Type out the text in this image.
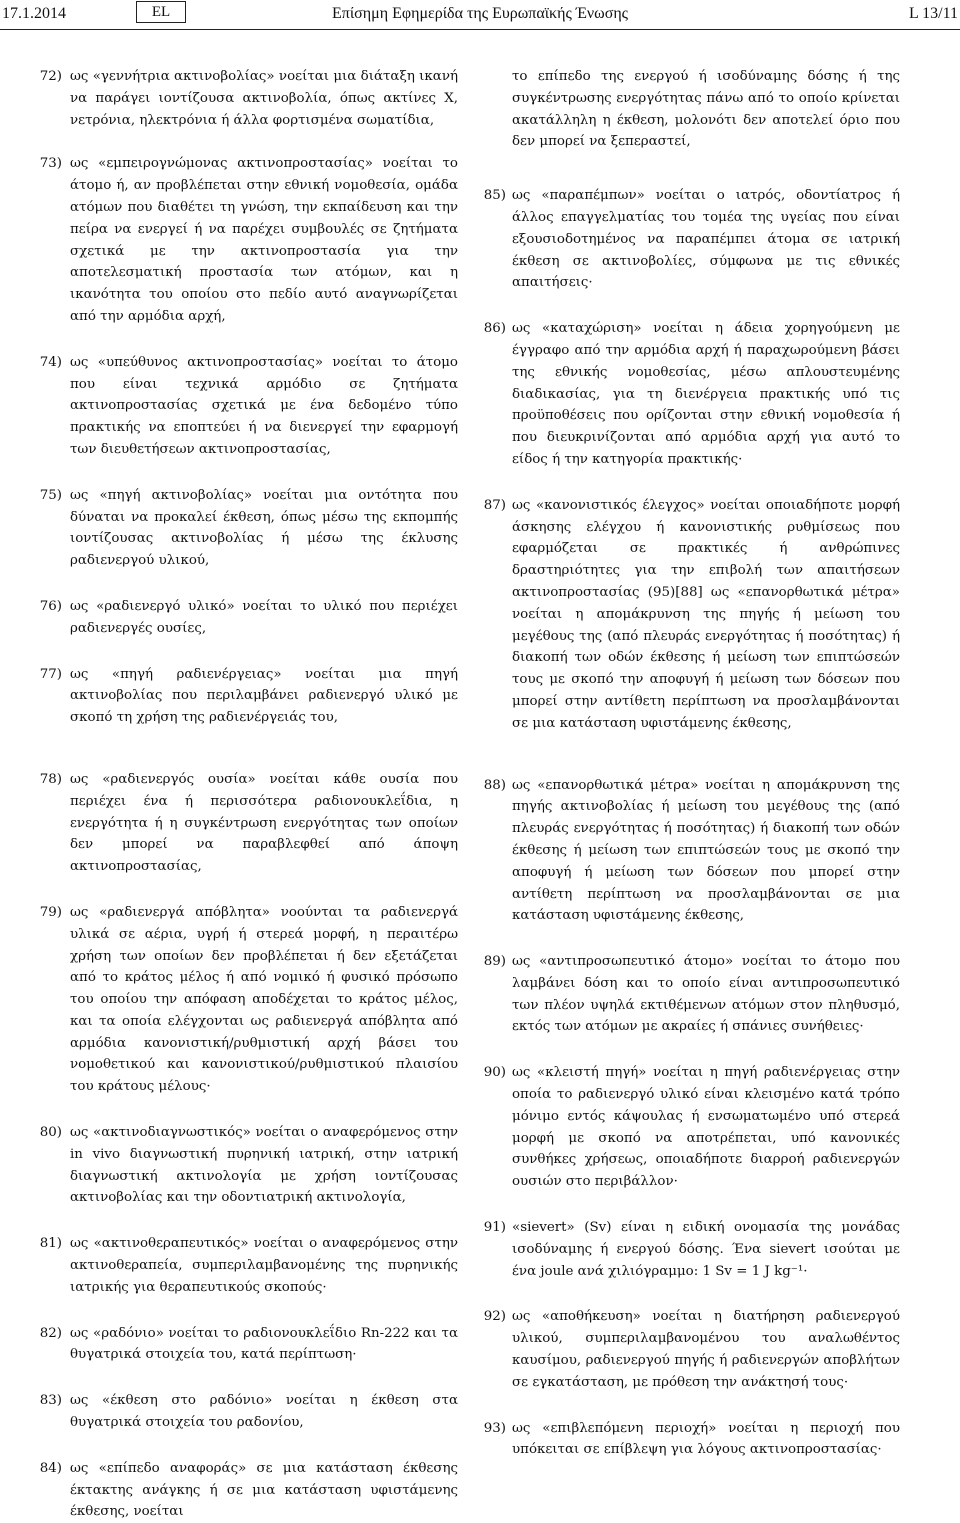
17.1.2014	EL	Επίσημη Εφημερίδα της Ευρωπαϊκής Ένωσης	L 13/11
72) ως «γεννήτρια ακτινοβολίας» νοείται μια διάταξη ικανή να παράγει ιοντίζουσα ακτινοβολία, όπως ακτίνες Χ, νετρόνια, ηλεκτρόνια ή άλλα φορτισμένα σωματίδια,
73) ως «εμπειρογνώμονας ακτινοπροστασίας» νοείται το άτομο ή, αν προβλέπεται στην εθνική νομοθεσία, ομάδα ατόμων που διαθέτει τη γνώση, την εκπαίδευση και την πείρα να ενεργεί ή να παρέχει συμβουλές σε ζητήματα σχετικά με την ακτινοπροστασία για την αποτελεσματική προστασία των ατόμων, και η ικανότητα του οποίου στο πεδίο αυτό αναγνωρίζεται από την αρμόδια αρχή,
74) ως «υπεύθυνος ακτινοπροστασίας» νοείται το άτομο που είναι τεχνικά αρμόδιο σε ζητήματα ακτινοπροστασίας σχετικά με ένα δεδομένο τύπο πρακτικής να εποπτεύει ή να διενεργεί την εφαρμογή των διευθετήσεων ακτινοπροστασίας,
75) ως «πηγή ακτινοβολίας» νοείται μια οντότητα που δύναται να προκαλεί έκθεση, όπως μέσω της εκπομπής ιοντίζουσας ακτινοβολίας ή μέσω της έκλυσης ραδιενεργού υλικού,
76) ως «ραδιενεργό υλικό» νοείται το υλικό που περιέχει ραδιενεργές ουσίες,
77) ως «πηγή ραδιενέργειας» νοείται μια πηγή ακτινοβολίας που περιλαμβάνει ραδιενεργό υλικό με σκοπό τη χρήση της ραδιενέργειάς του,
78) ως «ραδιενεργός ουσία» νοείται κάθε ουσία που περιέχει ένα ή περισσότερα ραδιονουκλεΐδια, η ενεργότητα ή η συγκέντρωση ενεργότητας των οποίων δεν μπορεί να παραβλεφθεί από άποψη ακτινοπροστασίας,
79) ως «ραδιενεργά απόβλητα» νοούνται τα ραδιενεργά υλικά σε αέρια, υγρή ή στερεά μορφή, η περαιτέρω χρήση των οποίων δεν προβλέπεται ή δεν εξετάζεται από το κράτος μέλος ή από νομικό ή φυσικό πρόσωπο του οποίου την απόφαση αποδέχεται το κράτος μέλος, και τα οποία ελέγχονται ως ραδιενεργά απόβλητα από αρμόδια κανονιστική/ρυθμιστική αρχή βάσει του νομοθετικού και κανονιστικού/ρυθμιστικού πλαισίου του κράτους μέλους·
80) ως «ακτινοδιαγνωστικός» νοείται ο αναφερόμενος στην in vivo διαγνωστική πυρηνική ιατρική, στην ιατρική διαγνωστική ακτινολογία με χρήση ιοντίζουσας ακτινοβολίας και την οδοντιατρική ακτινολογία,
81) ως «ακτινοθεραπευτικός» νοείται ο αναφερόμενος στην ακτινοθεραπεία, συμπεριλαμβανομένης της πυρηνικής ιατρικής για θεραπευτικούς σκοπούς·
82) ως «ραδόνιο» νοείται το ραδιονουκλεΐδιο Rn-222 και τα θυγατρικά στοιχεία του, κατά περίπτωση·
83) ως «έκθεση στο ραδόνιο» νοείται η έκθεση στα θυγατρικά στοιχεία του ραδονίου,
84) ως «επίπεδο αναφοράς» σε μια κατάσταση έκθεσης έκτακτης ανάγκης ή σε μια κατάσταση υφιστάμενης έκθεσης, νοείται
το επίπεδο της ενεργού ή ισοδύναμης δόσης ή της συγκέντρωσης ενεργότητας πάνω από το οποίο κρίνεται ακατάλληλη η έκθεση, μολονότι δεν αποτελεί όριο που δεν μπορεί να ξεπεραστεί,
85) ως «παραπέμπων» νοείται ο ιατρός, οδοντίατρος ή άλλος επαγγελματίας του τομέα της υγείας που είναι εξουσιοδοτημένος να παραπέμπει άτομα σε ιατρική έκθεση σε ακτινοβολίες, σύμφωνα με τις εθνικές απαιτήσεις·
86) ως «καταχώριση» νοείται η άδεια χορηγούμενη με έγγραφο από την αρμόδια αρχή ή παραχωρούμενη βάσει της εθνικής νομοθεσίας, μέσω απλουστευμένης διαδικασίας, για τη διενέργεια πρακτικής υπό τις προϋποθέσεις που ορίζονται στην εθνική νομοθεσία ή που διευκρινίζονται από αρμόδια αρχή για αυτό το είδος ή την κατηγορία πρακτικής·
87) ως «κανονιστικός έλεγχος» νοείται οποιαδήποτε μορφή άσκησης ελέγχου ή κανονιστικής ρυθμίσεως που εφαρμόζεται σε πρακτικές ή ανθρώπινες δραστηριότητες για την επιβολή των απαιτήσεων ακτινοπροστασίας (95)[88] ως «επανορθωτικά μέτρα» νοείται η απομάκρυνση της πηγής ή μείωση του μεγέθους της (από πλευράς ενεργότητας ή ποσότητας) ή διακοπή των οδών έκθεσης ή μείωση των επιπτώσεών τους με σκοπό την αποφυγή ή μείωση των δόσεων που μπορεί στην αντίθετη περίπτωση να προσλαμβάνονται σε μια κατάσταση υφιστάμενης έκθεσης,
88) ως «επανορθωτικά μέτρα» νοείται η απομάκρυνση της πηγής ακτινοβολίας ή μείωση του μεγέθους της (από πλευράς ενεργότητας ή ποσότητας) ή διακοπή των οδών έκθεσης ή μείωση των επιπτώσεών τους με σκοπό την αποφυγή ή μείωση των δόσεων που μπορεί στην αντίθετη περίπτωση να προσλαμβάνονται σε μια κατάσταση υφιστάμενης έκθεσης,
89) ως «αντιπροσωπευτικό άτομο» νοείται το άτομο που λαμβάνει δόση και το οποίο είναι αντιπροσωπευτικό των πλέον υψηλά εκτιθέμενων ατόμων στον πληθυσμό, εκτός των ατόμων με ακραίες ή σπάνιες συνήθειες·
90) ως «κλειστή πηγή» νοείται η πηγή ραδιενέργειας στην οποία το ραδιενεργό υλικό είναι κλεισμένο κατά τρόπο μόνιμο εντός κάψουλας ή ενσωματωμένο υπό στερεά μορφή με σκοπό να αποτρέπεται, υπό κανονικές συνθήκες χρήσεως, οποιαδήποτε διαρροή ραδιενεργών ουσιών στο περιβάλλον·
91) «sievert» (Sv) είναι η ειδική ονομασία της μονάδας ισοδύναμης ή ενεργού δόσης. Ένα sievert ισούται με ένα joule ανά χιλιόγραμμο: 1 Sv = 1 J kg⁻¹·
92) ως «αποθήκευση» νοείται η διατήρηση ραδιενεργού υλικού, συμπεριλαμβανομένου του αναλωθέντος καυσίμου, ραδιενεργού πηγής ή ραδιενεργών αποβλήτων σε εγκατάσταση, με πρόθεση την ανάκτησή τους·
93) ως «επιβλεπόμενη περιοχή» νοείται η περιοχή που υπόκειται σε επίβλεψη για λόγους ακτινοπροστασίας·
